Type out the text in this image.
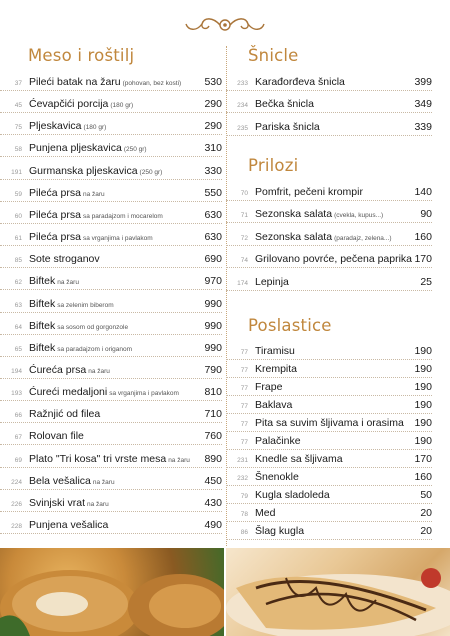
Meso i roštilj
37 Pileći batak na žaru (pohovan, bez kosti)	530
45 Ćevapčići porcija (180 gr)	290
75 Pljeskavica (180 gr)	290
58 Punjena pljeskavica (250 gr)	310
191 Gurmanska pljeskavica (250 gr)	330
59 Pileća prsa na žaru	550
60 Pileća prsa sa paradajzom i mocarelom	630
61 Pileća prsa sa vrganjima i pavlakom	630
85 Sote stroganov	690
62 Biftek na žaru	970
63 Biftek sa zelenim biberom	990
64 Biftek sa sosom od gorgonzole	990
65 Biftek sa paradajzom i origanom	990
194 Ćureća prsa na žaru	790
193 Ćureći medaljoni sa vrganjima i pavlakom	810
66 Ražnjić od filea	710
67 Rolovan file	760
69 Plato "Tri kosa" tri vrste mesa na žaru	890
224 Bela vešalica na žaru	450
226 Svinjski vrat na žaru	430
228 Punjena vešalica	490
Šnicle
233 Karađorđeva šnicla	399
234 Bečka šnicla	349
235 Pariska šnicla	339
Prilozi
70 Pomfrit, pečeni krompir	140
71 Sezonska salata (cvekla, kupus...)	90
72 Sezonska salata (paradajz, zelena...)	160
74 Grilovano povrće, pečena paprika 170
174 Lepinja	25
Poslastice
77 Tiramisu	190
77 Krempita	190
77 Frape	190
77 Baklava	190
77 Pita sa suvim šljivama i orasima	190
77 Palačinke	190
231 Knedle sa šljivama	170
232 Šnenokle	160
79 Kugla sladoleda	50
78 Med	20
86 Šlag kugla	20
